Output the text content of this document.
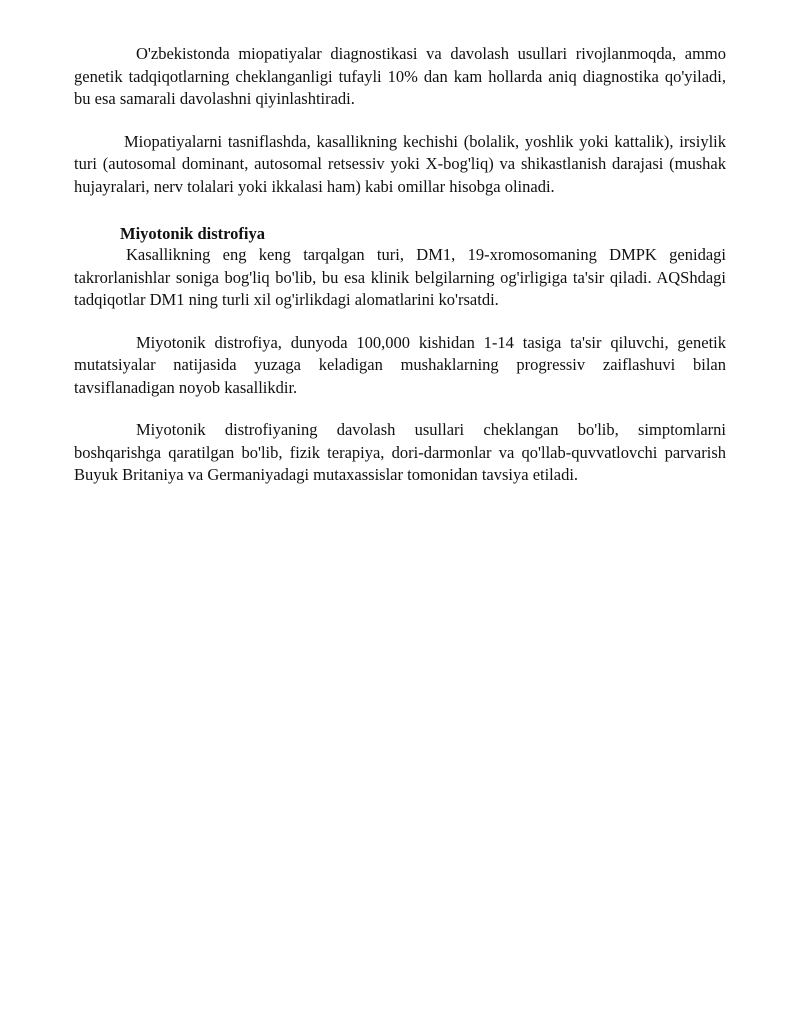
O'zbekistonda miopatiyalar diagnostikasi va davolash usullari rivojlanmoqda, ammo genetik tadqiqotlarning cheklanganligi tufayli 10% dan kam hollarda aniq diagnostika qo'yiladi, bu esa samarali davolashni qiyinlashtiradi.

Miopatiyalarni tasniflashda, kasallikning kechishi (bolalik, yoshlik yoki kattalik), irsiylik turi (autosomal dominant, autosomal retsessiv yoki X-bog'liq) va shikastlanish darajasi (mushak hujayralari, nerv tolalari yoki ikkalasi ham) kabi omillar hisobga olinadi.

Miyotonik distrofiya

Kasallikning eng keng tarqalgan turi, DM1, 19-xromosomaning DMPK genidagi takrorlanishlar soniga bog'liq bo'lib, bu esa klinik belgilarning og'irligiga ta'sir qiladi. AQShdagi tadqiqotlar DM1 ning turli xil og'irlikdagi alomatlarini ko'rsatdi.

Miyotonik distrofiya, dunyoda 100,000 kishidan 1-14 tasiga ta'sir qiluvchi, genetik mutatsiyalar natijasida yuzaga keladigan mushaklarning progressiv zaiflashuvi bilan tavsiflanadigan noyob kasallikdir.

Miyotonik distrofiyaning davolash usullari cheklangan bo'lib, simptomlarni boshqarishga qaratilgan bo'lib, fizik terapiya, dori-darmonlar va qo'llab-quvvatlovchi parvarish Buyuk Britaniya va Germaniyadagi mutaxassislar tomonidan tavsiya etiladi.
